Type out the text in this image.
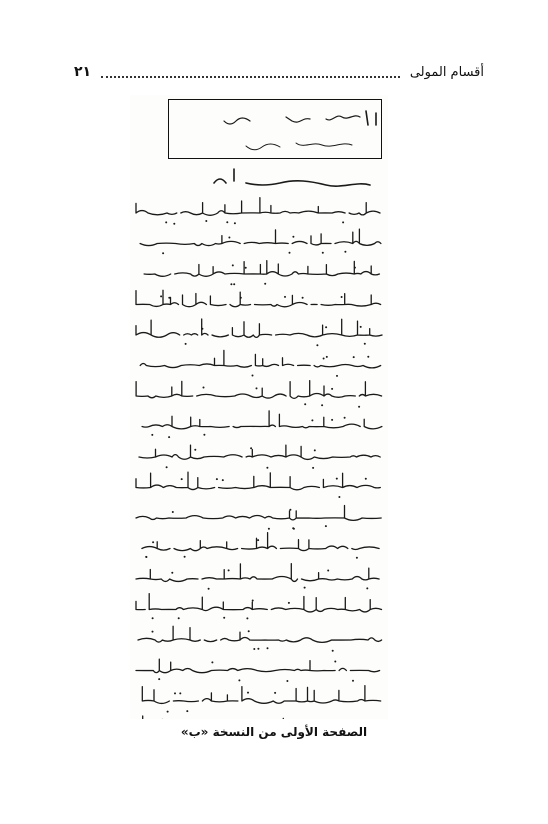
أقسام المولى
٢١
الصفحة الأولى من النسخة «ب»
